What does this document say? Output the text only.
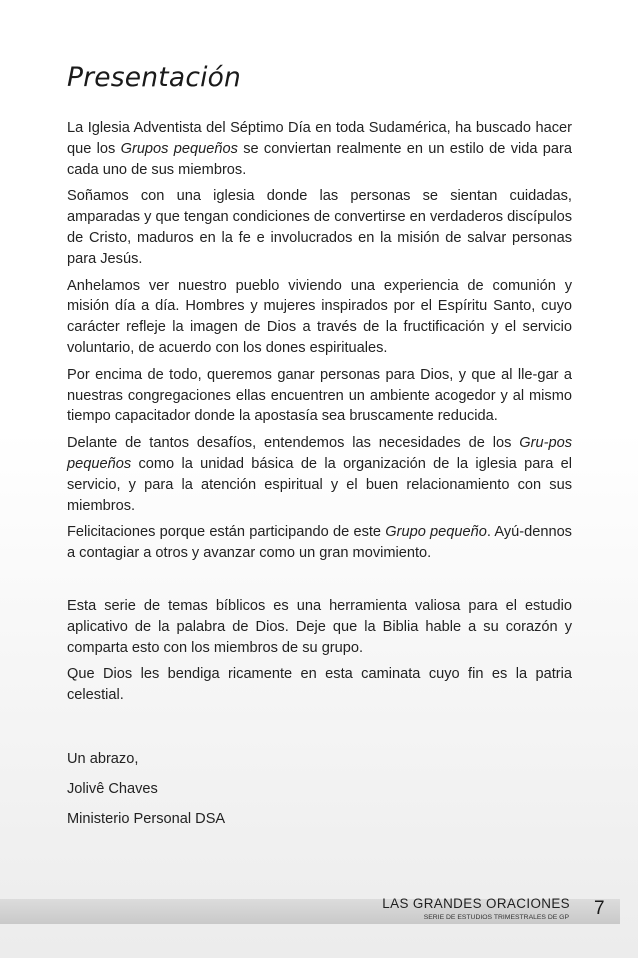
Presentación

La Iglesia Adventista del Séptimo Día en toda Sudamérica, ha buscado hacer que los Grupos pequeños se conviertan realmente en un estilo de vida para cada uno de sus miembros.

Soñamos con una iglesia donde las personas se sientan cuidadas, amparadas y que tengan condiciones de convertirse en verdaderos discípulos de Cristo, maduros en la fe e involucrados en la misión de salvar personas para Jesús.

Anhelamos ver nuestro pueblo viviendo una experiencia de comunión y misión día a día. Hombres y mujeres inspirados por el Espíritu Santo, cuyo carácter refleje la imagen de Dios a través de la fructificación y el servicio voluntario, de acuerdo con los dones espirituales.

Por encima de todo, queremos ganar personas para Dios, y que al lle-gar a nuestras congregaciones ellas encuentren un ambiente acogedor y al mismo tiempo capacitador donde la apostasía sea bruscamente reducida.

Delante de tantos desafíos, entendemos las necesidades de los Gru-pos pequeños como la unidad básica de la organización de la iglesia para el servicio, y para la atención espiritual y el buen relacionamiento con sus miembros.

Felicitaciones porque están participando de este Grupo pequeño. Ayú-dennos a contagiar a otros y avanzar como un gran movimiento.

Esta serie de temas bíblicos es una herramienta valiosa para el estudio aplicativo de la palabra de Dios. Deje que la Biblia hable a su corazón y comparta esto con los miembros de su grupo.

Que Dios les bendiga ricamente en esta caminata cuyo fin es la patria celestial.

Un abrazo,

Jolivê Chaves

Ministerio Personal DSA

LAS GRANDES ORACIONES
SERIE DE ESTUDIOS TRIMESTRALES DE GP 7
